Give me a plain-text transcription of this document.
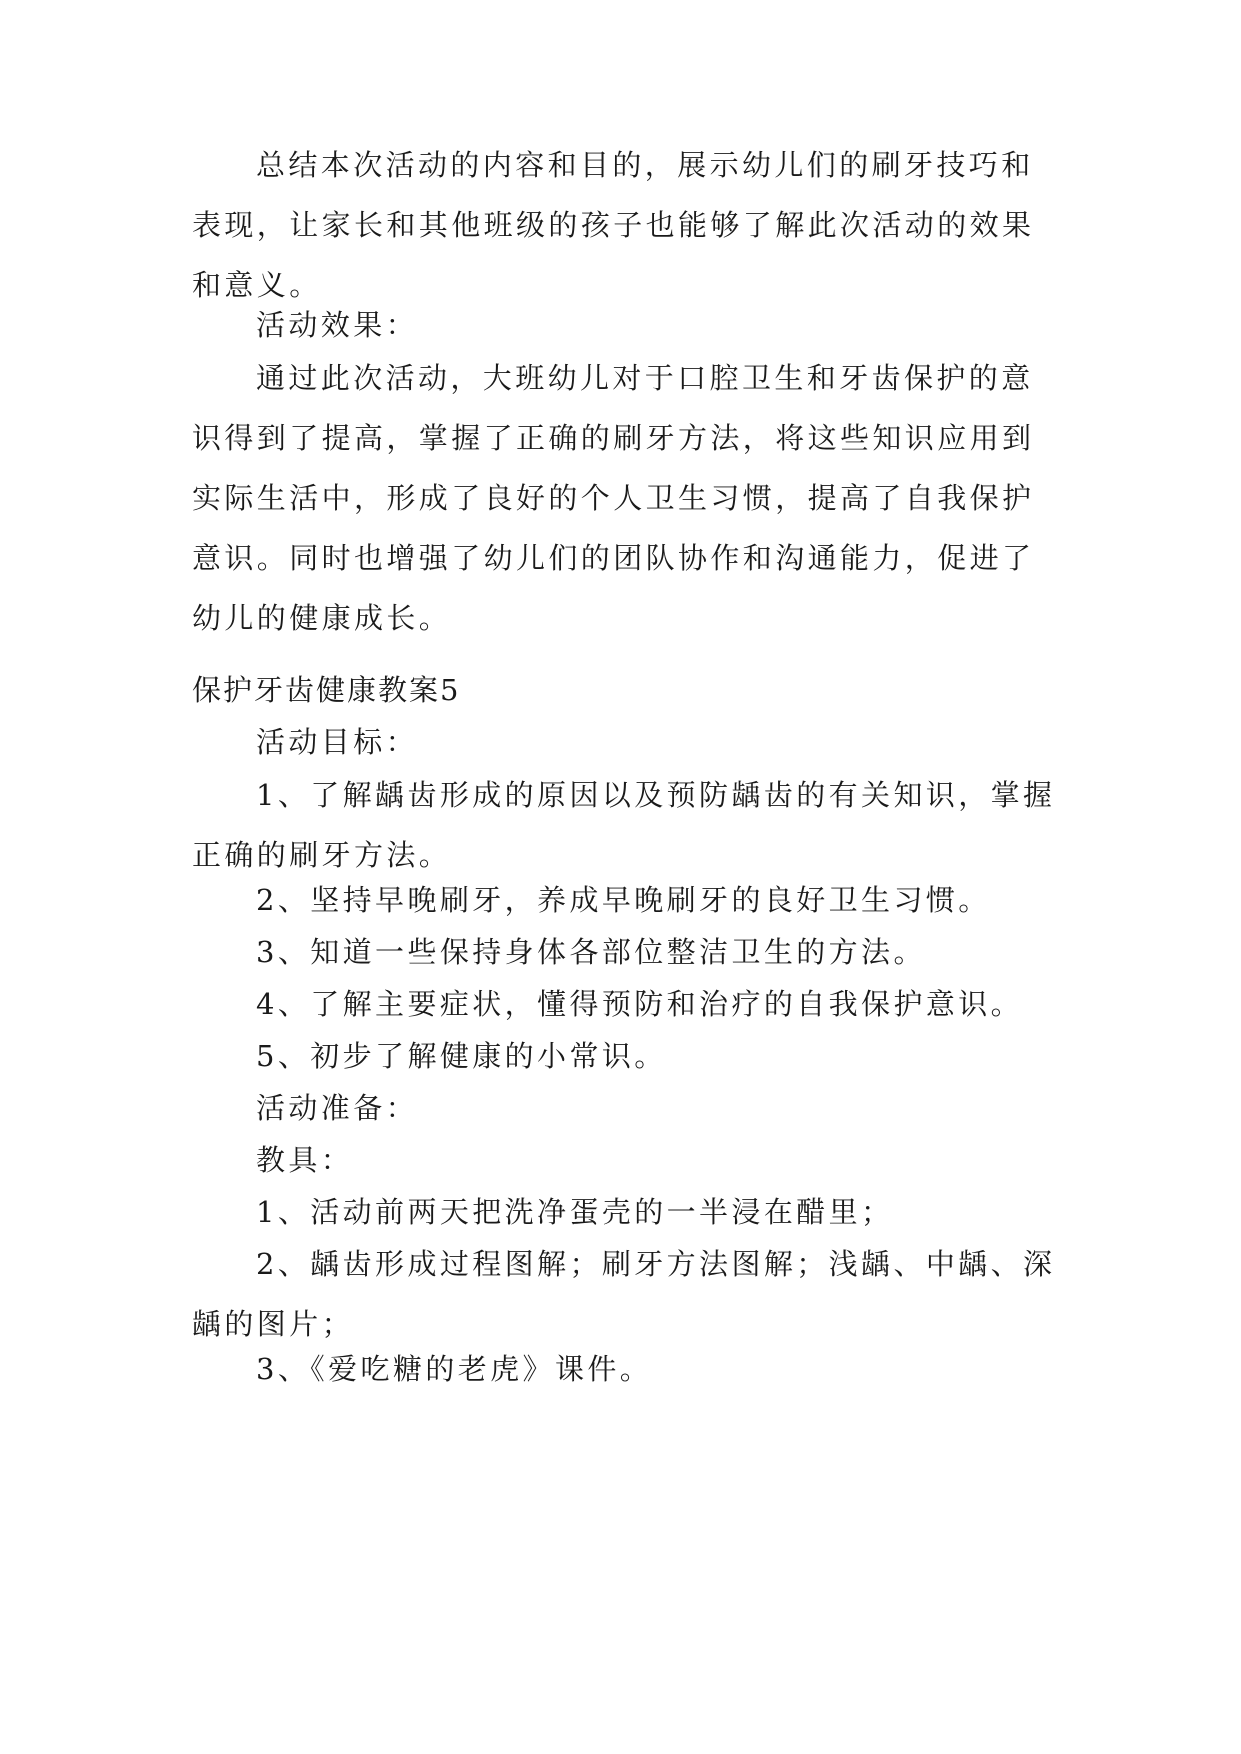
总结本次活动的内容和目的，展示幼儿们的刷牙技巧和表现，让家长和其他班级的孩子也能够了解此次活动的效果和意义。

活动效果：

通过此次活动，大班幼儿对于口腔卫生和牙齿保护的意识得到了提高，掌握了正确的刷牙方法，将这些知识应用到实际生活中，形成了良好的个人卫生习惯，提高了自我保护意识。同时也增强了幼儿们的团队协作和沟通能力，促进了幼儿的健康成长。

保护牙齿健康教案5

活动目标：

1、了解龋齿形成的原因以及预防龋齿的有关知识，掌握正确的刷牙方法。

2、坚持早晚刷牙，养成早晚刷牙的良好卫生习惯。

3、知道一些保持身体各部位整洁卫生的方法。

4、了解主要症状，懂得预防和治疗的自我保护意识。

5、初步了解健康的小常识。

活动准备：

教具：

1、活动前两天把洗净蛋壳的一半浸在醋里；

2、龋齿形成过程图解；刷牙方法图解；浅龋、中龋、深龋的图片；

3、《爱吃糖的老虎》课件。
